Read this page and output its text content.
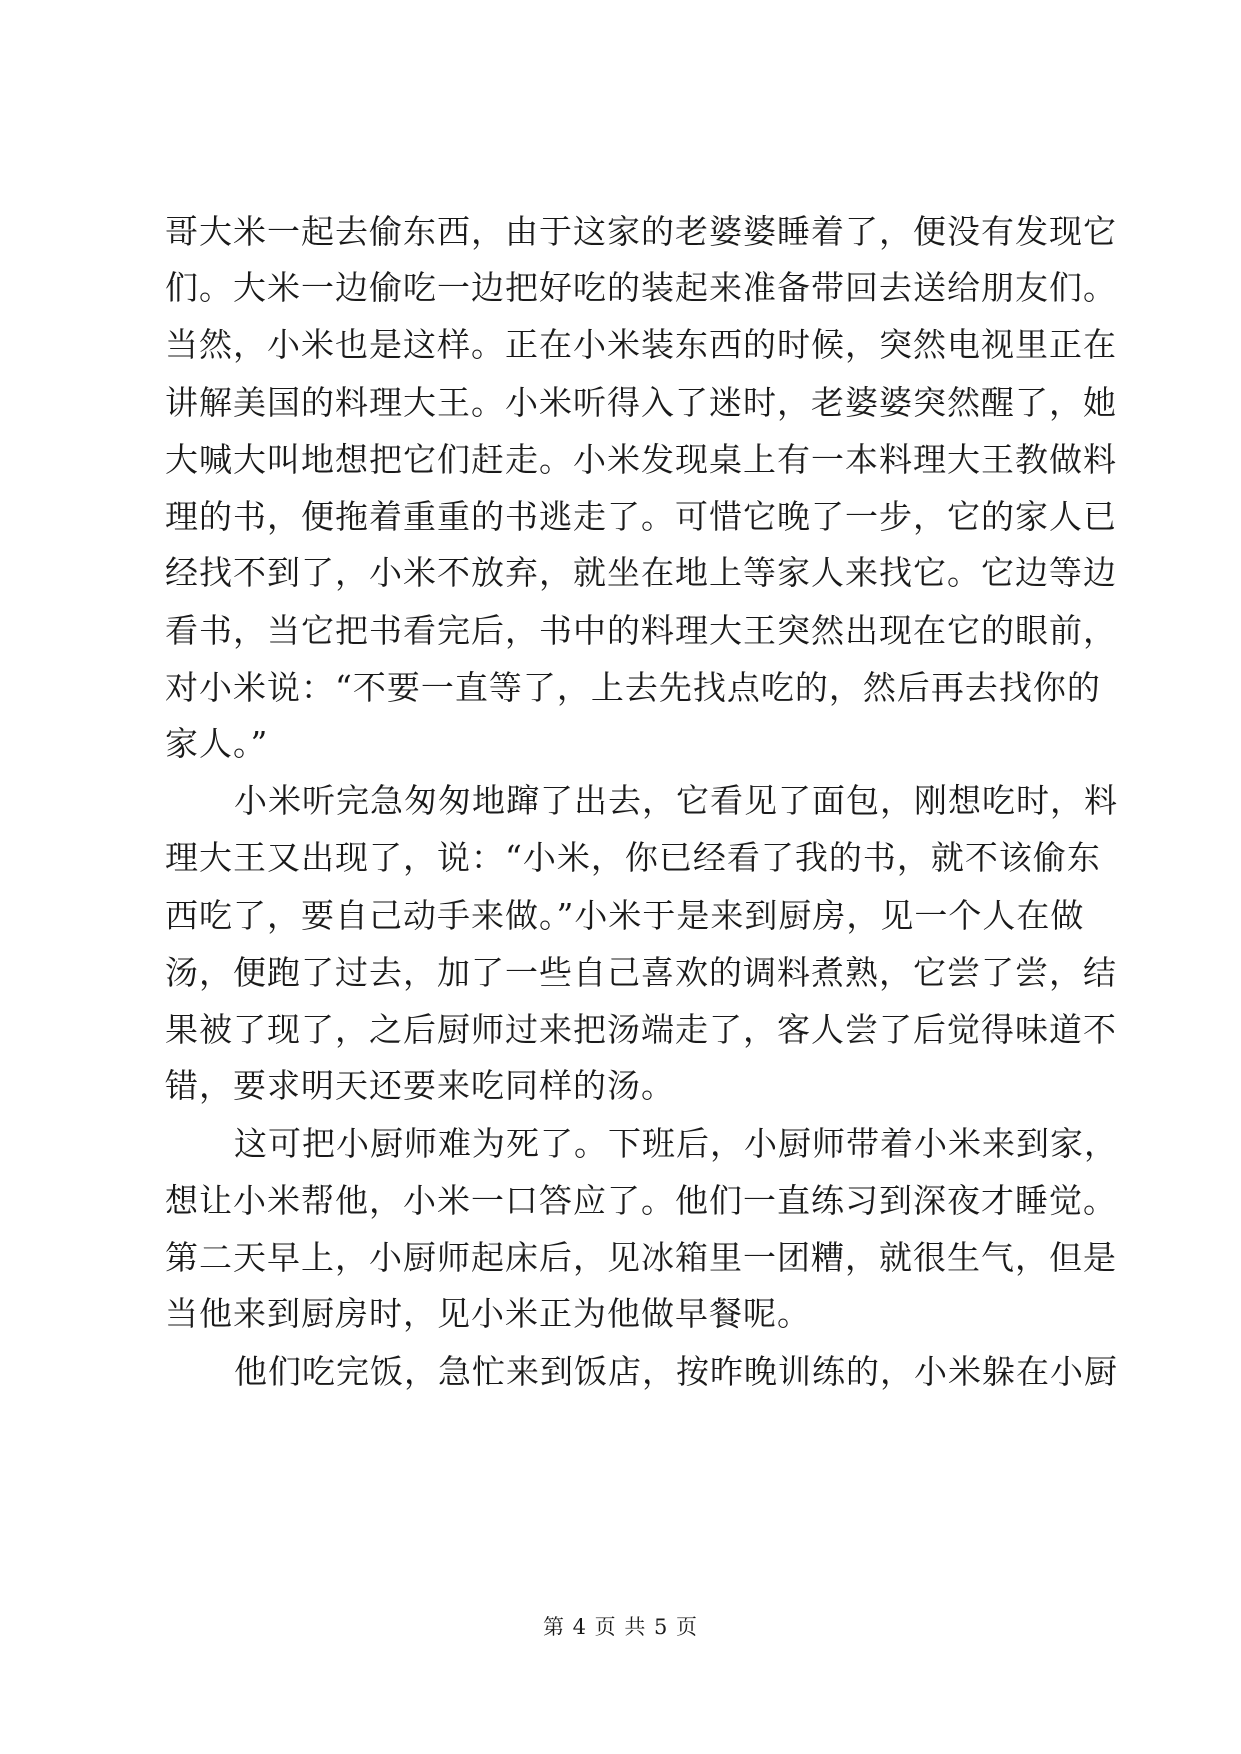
哥大米一起去偷东西，由于这家的老婆婆睡着了，便没有发现它
们。大米一边偷吃一边把好吃的装起来准备带回去送给朋友们。
当然，小米也是这样。正在小米装东西的时候，突然电视里正在
讲解美国的料理大王。小米听得入了迷时，老婆婆突然醒了，她
大喊大叫地想把它们赶走。小米发现桌上有一本料理大王教做料
理的书，便拖着重重的书逃走了。可惜它晚了一步，它的家人已
经找不到了，小米不放弃，就坐在地上等家人来找它。它边等边
看书，当它把书看完后，书中的料理大王突然出现在它的眼前，
对小米说：“不要一直等了，上去先找点吃的，然后再去找你的
家人。”
小米听完急匆匆地蹿了出去，它看见了面包，刚想吃时，料
理大王又出现了，说：“小米，你已经看了我的书，就不该偷东
西吃了，要自己动手来做。”小米于是来到厨房，见一个人在做
汤，便跑了过去，加了一些自己喜欢的调料煮熟，它尝了尝，结
果被了现了，之后厨师过来把汤端走了，客人尝了后觉得味道不
错，要求明天还要来吃同样的汤。
这可把小厨师难为死了。下班后，小厨师带着小米来到家，
想让小米帮他，小米一口答应了。他们一直练习到深夜才睡觉。
第二天早上，小厨师起床后，见冰箱里一团糟，就很生气，但是
当他来到厨房时，见小米正为他做早餐呢。
他们吃完饭，急忙来到饭店，按昨晚训练的，小米躲在小厨
第 4 页 共 5 页
